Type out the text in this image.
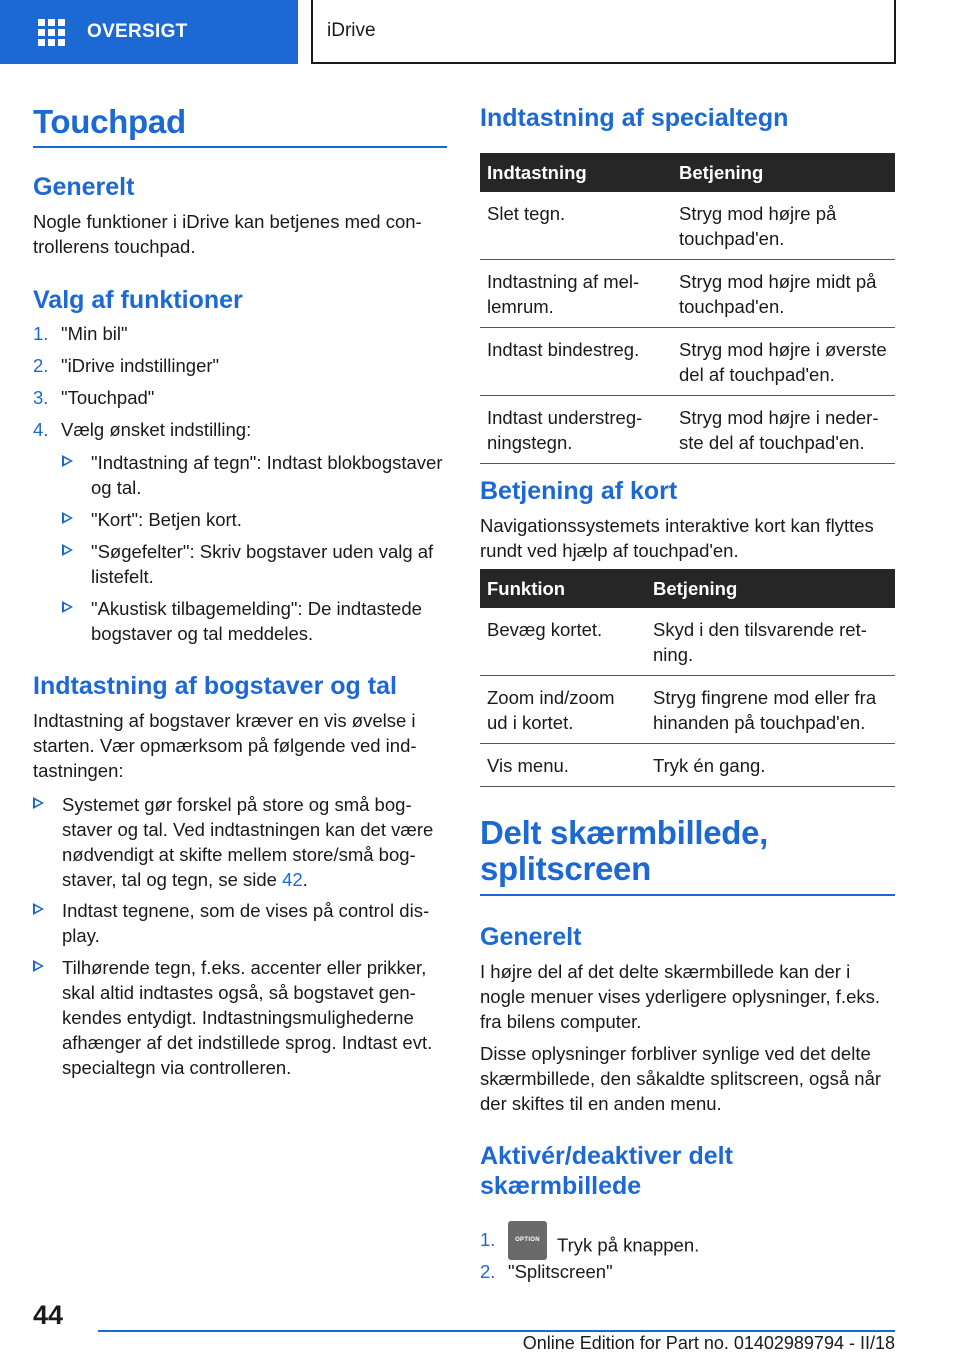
OVERSIGT	iDrive
Touchpad
Generelt

Nogle funktioner i iDrive kan betjenes med controllerens touchpad.

Valg af funktioner
1. "Min bil"
2. "iDrive indstillinger"
3. "Touchpad"
4. Vælg ønsket indstilling:
"Indtastning af tegn": Indtast blokbogstaver og tal.
"Kort": Betjen kort.
"Søgefelter": Skriv bogstaver uden valg af listefelt.
"Akustisk tilbagemelding": De indtastede bogstaver og tal meddeles.
Indtastning af bogstaver og tal

Indtastning af bogstaver kræver en vis øvelse i starten. Vær opmærksom på følgende ved indtastningen:

Systemet gør forskel på store og små bogstaver og tal. Ved indtastningen kan det være nødvendigt at skifte mellem store/små bogstaver, tal og tegn, se side 42.
Indtast tegnene, som de vises på control display.
Tilhørende tegn, f.eks. accenter eller prikker, skal altid indtastes også, så bogstavet genkendes entydigt. Indtastningsmulighederne afhænger af det indstillede sprog. Indtast evt. specialtegn via controlleren.
Indtastning af specialtegn
Indtastning	Betjening
Slet tegn.	Stryg mod højre på touchpad'en.
Indtastning af mellemrum.	Stryg mod højre midt på touchpad'en.
Indtast bindestreg.	Stryg mod højre i øverste del af touchpad'en.
Indtast understregningstegn.	Stryg mod højre i nederste del af touchpad'en.
Betjening af kort

Navigationssystemets interaktive kort kan flyttes rundt ved hjælp af touchpad'en.

Funktion	Betjening
Bevæg kortet.	Skyd i den tilsvarende retning.
Zoom ind/zoom ud i kortet.	Stryg fingrene mod eller fra hinanden på touchpad'en.
Vis menu.	Tryk én gang.
Delt skærmbillede, splitscreen
Generelt

I højre del af det delte skærmbillede kan der i nogle menuer vises yderligere oplysninger, f.eks. fra bilens computer.

Disse oplysninger forbliver synlige ved det delte skærmbillede, den såkaldte splitscreen, også når der skiftes til en anden menu.

Aktivér/deaktiver delt skærmbillede
1.	OPTION Tryk på knappen.
2. "Splitscreen"
44
Online Edition for Part no. 01402989794 - II/18
